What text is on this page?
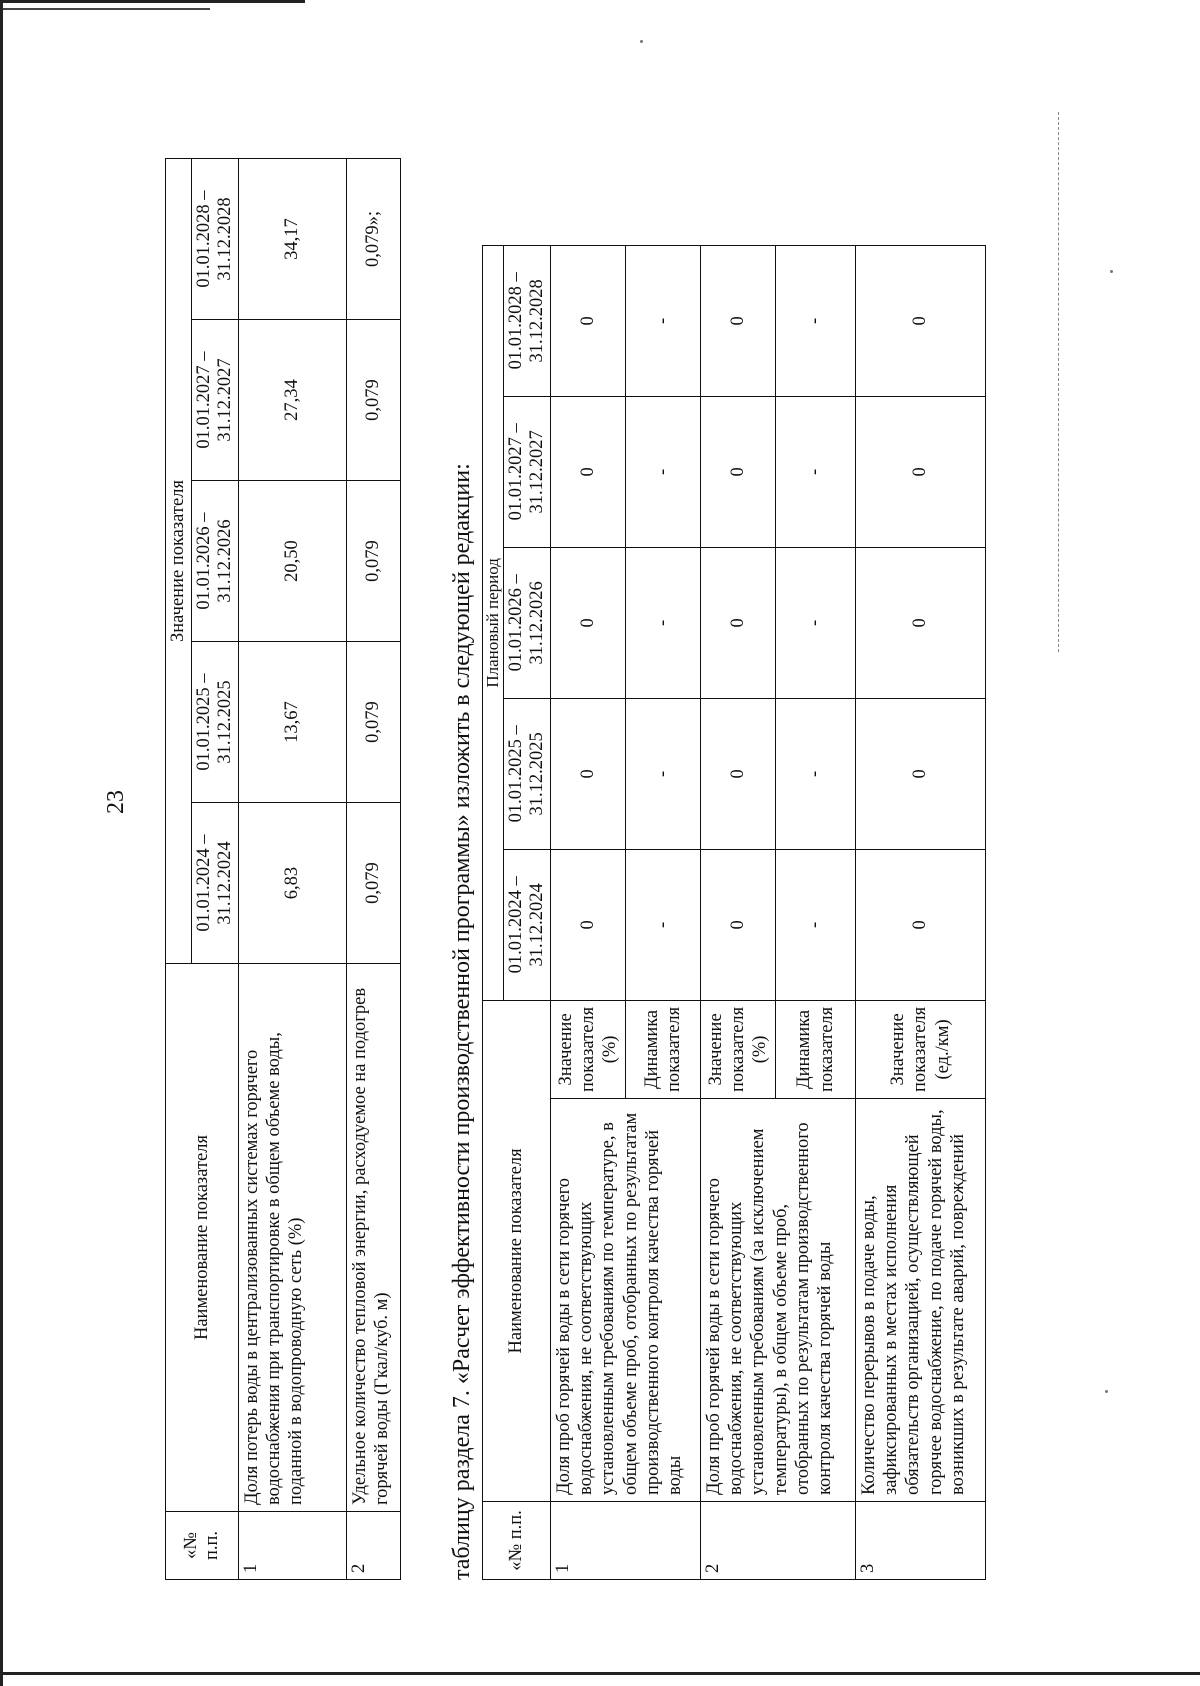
23
«№ п.п.	Наименование показателя	Значение показателя				
		01.01.2024 – 31.12.2024	01.01.2025 – 31.12.2025	01.01.2026 – 31.12.2026	01.01.2027 – 31.12.2027	01.01.2028 – 31.12.2028
1	Доля потерь воды в централизованных системах горячего водоснабжения при транспортировке в общем объеме воды, поданной в водопроводную сеть (%)	6,83	13,67	20,50	27,34	34,17
2	Удельное количество тепловой энергии, расходуемое на подогрев горячей воды (Гкал/куб. м)	0,079	0,079	0,079	0,079	0,079»;
таблицу раздела 7. «Расчет эффективности производственной программы» изложить в следующей редакции: «№ п.п.	Наименование показателя		Плановый период				
			01.01.2024 – 31.12.2024	01.01.2025 – 31.12.2025	01.01.2026 – 31.12.2026	01.01.2027 – 31.12.2027	01.01.2028 – 31.12.2028
1	Доля проб горячей воды в сети горячего водоснабжения, не соответствующих установленным требованиям по температуре, в общем объеме проб, отобранных по результатам производственного контроля качества горячей воды	Значение показателя (%)	0	0	0	0	0
		Динамика показателя	-	-	-	-	-
2	Доля проб горячей воды в сети горячего водоснабжения, не соответствующих установленным требованиям (за исключением температуры), в общем объеме проб, отобранных по результатам производственного контроля качества горячей воды	Значение показателя (%)	0	0	0	0	0
		Динамика показателя	-	-	-	-	-
3	Количество перерывов в подаче воды, зафиксированных в местах исполнения обязательств организацией, осуществляющей горячее водоснабжение, по подаче горячей воды, возникших в результате аварий, повреждений	Значение показателя (ед./км)	0	0	0	0	0
